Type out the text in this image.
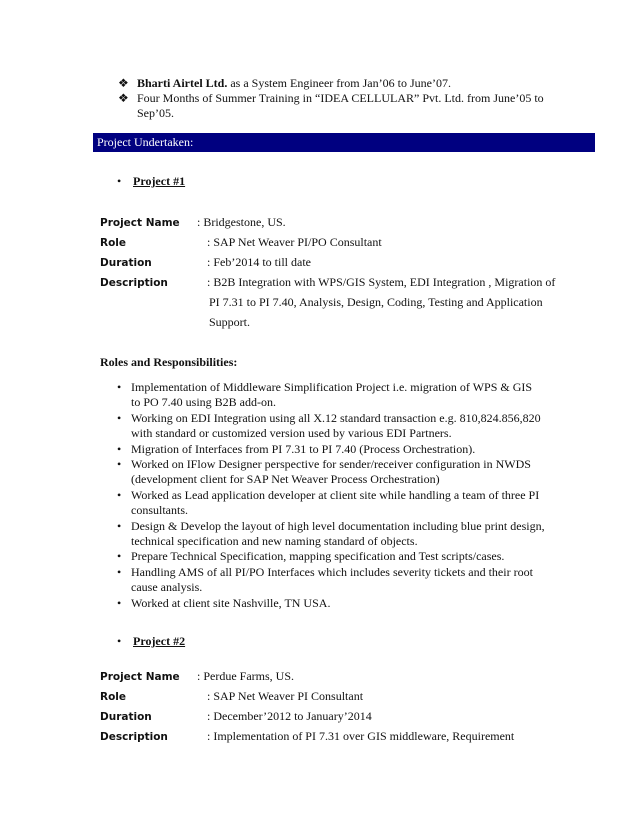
❖ Bharti Airtel Ltd. as a System Engineer from Jan’06 to June’07.
❖ Four Months of Summer Training in “IDEA CELLULAR” Pvt. Ltd. from June’05 to
Sep’05.
Project Undertaken:
• Project #1
Roles and Responsibilities:
• Project #2
Project Name : Bridgestone, US.
Role	: SAP Net Weaver PI/PO Consultant
Duration	: Feb’2014 to till date
Description	: B2B Integration with WPS/GIS System, EDI Integration , Migration of
PI 7.31 to PI 7.40, Analysis, Design, Coding, Testing and Application
Support.
Project Name : Perdue Farms, US.
Role	: SAP Net Weaver PI Consultant
Duration	: December’2012 to January’2014
Description	: Implementation of PI 7.31 over GIS middleware, Requirement
• Implementation of Middleware Simplification Project i.e. migration of WPS & GIS
to PO 7.40 using B2B add-on.
• Working on EDI Integration using all X.12 standard transaction e.g. 810,824.856,820
with standard or customized version used by various EDI Partners.
• Migration of Interfaces from PI 7.31 to PI 7.40 (Process Orchestration).
• Worked on IFlow Designer perspective for sender/receiver configuration in NWDS
(development client for SAP Net Weaver Process Orchestration)
• Worked as Lead application developer at client site while handling a team of three PI
consultants.
• Design & Develop the layout of high level documentation including blue print design,
technical specification and new naming standard of objects.
• Prepare Technical Specification, mapping specification and Test scripts/cases.
• Handling AMS of all PI/PO Interfaces which includes severity tickets and their root
cause analysis.
• Worked at client site Nashville, TN USA.
